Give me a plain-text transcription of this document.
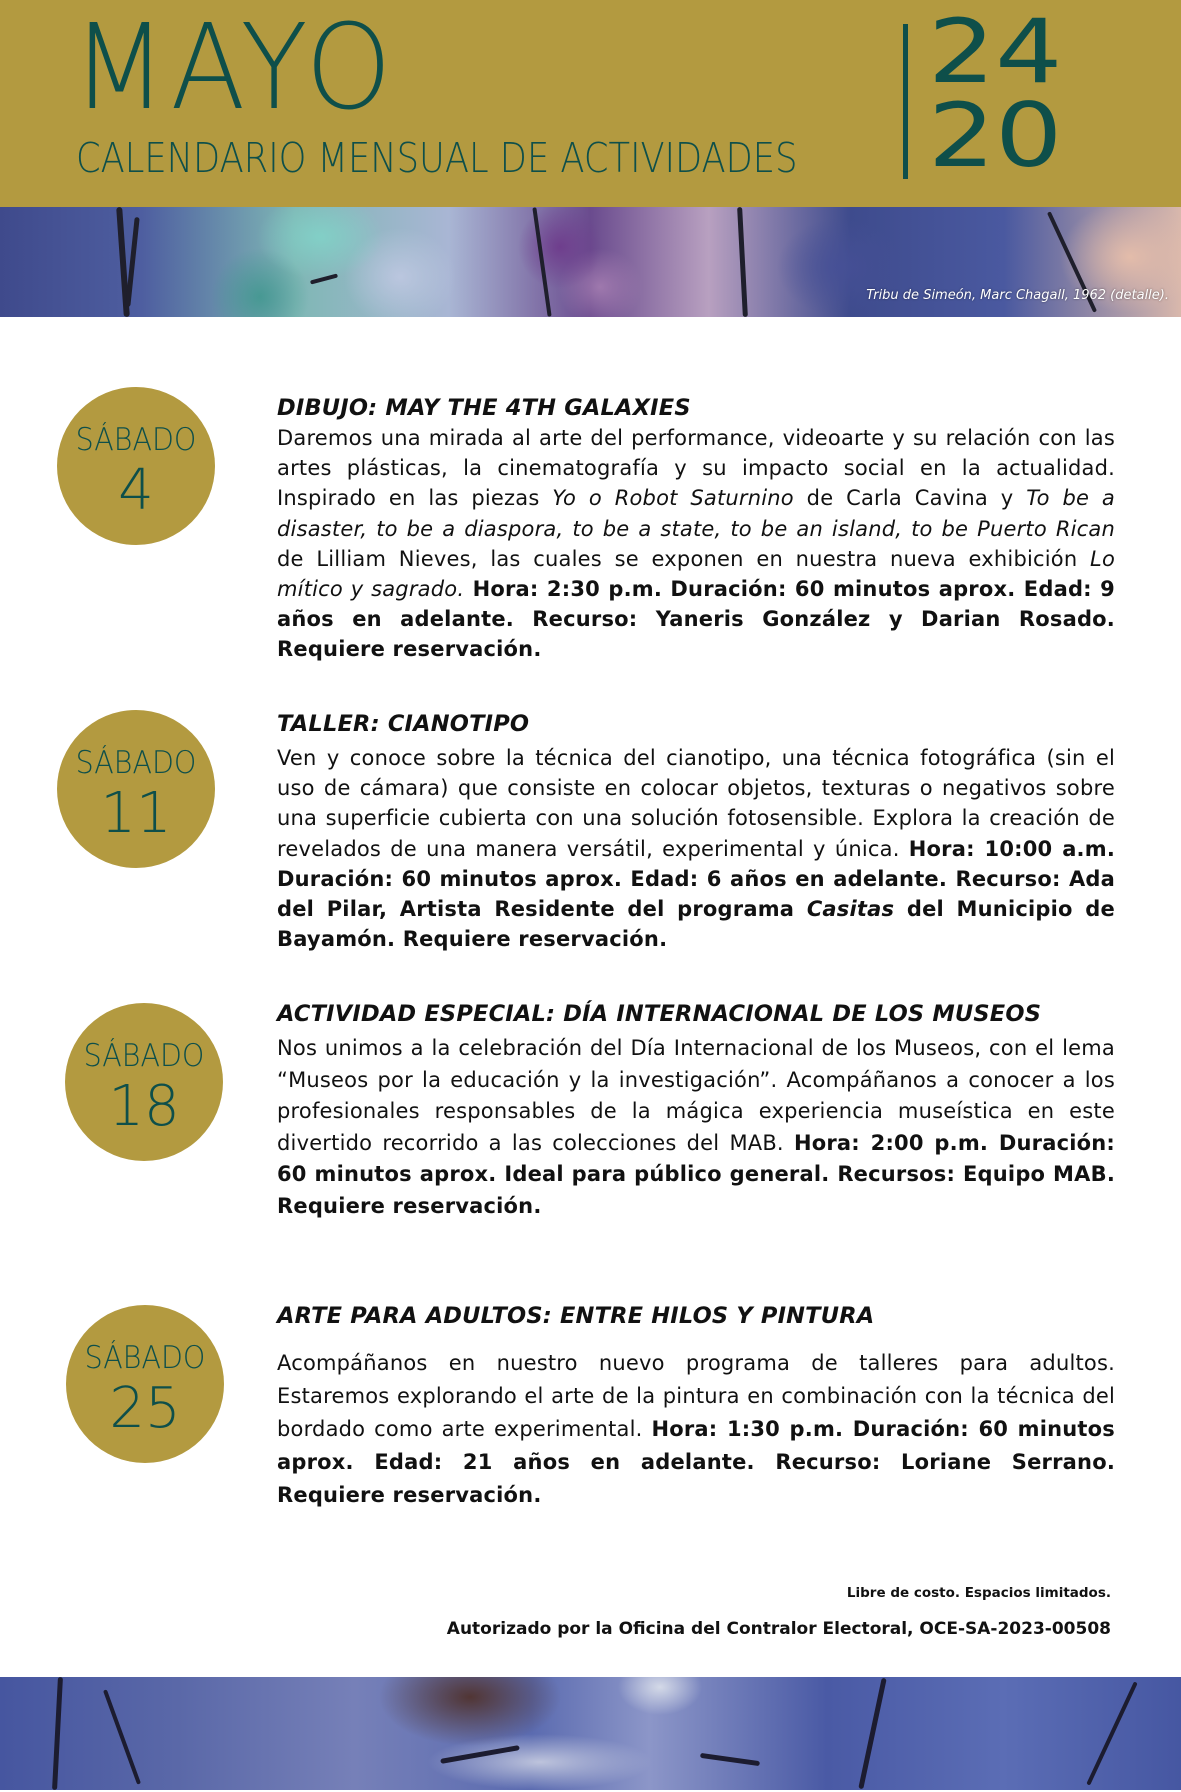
MAYO
CALENDARIO MENSUAL DE ACTIVIDADES
24
20
Tribu de Simeón, Marc Chagall, 1962 (detalle).
SÁBADO
4

DIBUJO: MAY THE 4TH GALAXIES

Daremos una mirada al arte del performance, videoarte y su relación con las artes plásticas, la cinematografía y su impacto social en la actualidad. Inspirado en las piezas Yo o Robot Saturnino de Carla Cavina y To be a disaster, to be a diaspora, to be a state, to be an island, to be Puerto Rican de Lilliam Nieves, las cuales se exponen en nuestra nueva exhibición Lo mítico y sagrado. Hora: 2:30 p.m. Duración: 60 minutos aprox. Edad: 9 años en adelante. Recurso: Yaneris González y Darian Rosado. Requiere reservación.

SÁBADO
11

TALLER: CIANOTIPO

Ven y conoce sobre la técnica del cianotipo, una técnica fotográfica (sin el uso de cámara) que consiste en colocar objetos, texturas o negativos sobre una superficie cubierta con una solución fotosensible. Explora la creación de revelados de una manera versátil, experimental y única. Hora: 10:00 a.m. Duración: 60 minutos aprox. Edad: 6 años en adelante. Recurso: Ada del Pilar, Artista Residente del programa Casitas del Municipio de Bayamón. Requiere reservación.

SÁBADO
18

ACTIVIDAD ESPECIAL: DÍA INTERNACIONAL DE LOS MUSEOS

Nos unimos a la celebración del Día Internacional de los Museos, con el lema “Museos por la educación y la investigación”. Acompáñanos a conocer a los profesionales responsables de la mágica experiencia museística en este divertido recorrido a las colecciones del MAB. Hora: 2:00 p.m. Duración: 60 minutos aprox. Ideal para público general. Recursos: Equipo MAB. Requiere reservación.

SÁBADO
25

ARTE PARA ADULTOS: ENTRE HILOS Y PINTURA

Acompáñanos en nuestro nuevo programa de talleres para adultos. Estaremos explorando el arte de la pintura en combinación con la técnica del bordado como arte experimental. Hora: 1:30 p.m. Duración: 60 minutos aprox. Edad: 21 años en adelante. Recurso: Loriane Serrano. Requiere reservación.

Libre de costo. Espacios limitados.
Autorizado por la Oficina del Contralor Electoral, OCE-SA-2023-00508
